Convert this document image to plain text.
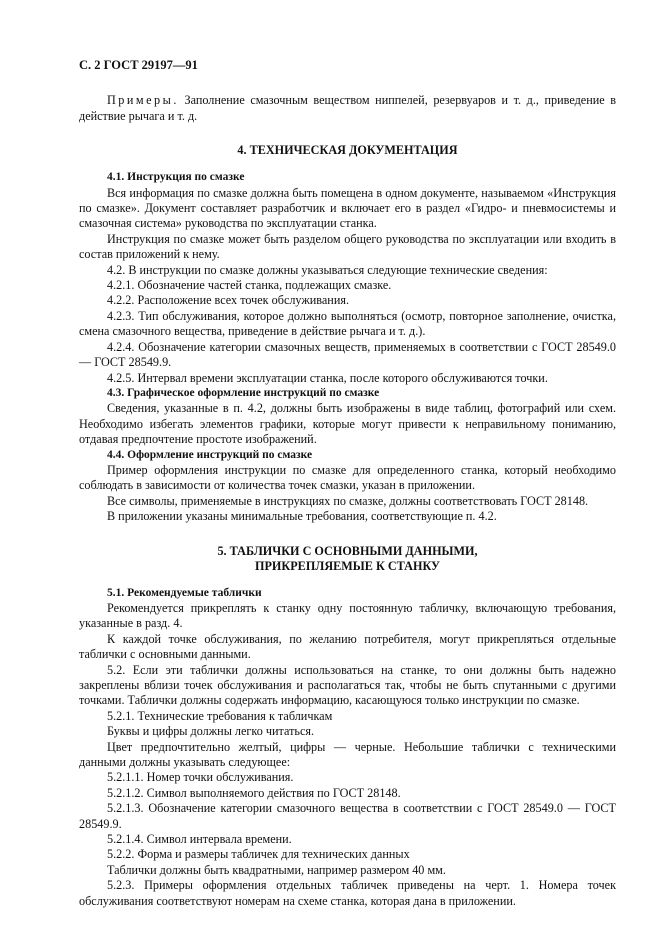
С. 2 ГОСТ 29197—91

Примеры. Заполнение смазочным веществом ниппелей, резервуаров и т. д., приведение в действие рычага и т. д.

4. ТЕХНИЧЕСКАЯ ДОКУМЕНТАЦИЯ

4.1. Инструкция по смазке

Вся информация по смазке должна быть помещена в одном документе, называемом «Инструкция по смазке». Документ составляет разработчик и включает его в раздел «Гидро- и пневмосистемы и смазочная система» руководства по эксплуатации станка.

Инструкция по смазке может быть разделом общего руководства по эксплуатации или входить в состав приложений к нему.

4.2. В инструкции по смазке должны указываться следующие технические сведения:

4.2.1. Обозначение частей станка, подлежащих смазке.

4.2.2. Расположение всех точек обслуживания.

4.2.3. Тип обслуживания, которое должно выполняться (осмотр, повторное заполнение, очистка, смена смазочного вещества, приведение в действие рычага и т. д.).

4.2.4. Обозначение категории смазочных веществ, применяемых в соответствии с ГОСТ 28549.0 — ГОСТ 28549.9.

4.2.5. Интервал времени эксплуатации станка, после которого обслуживаются точки.

4.3. Графическое оформление инструкций по смазке

Сведения, указанные в п. 4.2, должны быть изображены в виде таблиц, фотографий или схем. Необходимо избегать элементов графики, которые могут привести к неправильному пониманию, отдавая предпочтение простоте изображений.

4.4. Оформление инструкций по смазке

Пример оформления инструкции по смазке для определенного станка, который необходимо соблюдать в зависимости от количества точек смазки, указан в приложении.

Все символы, применяемые в инструкциях по смазке, должны соответствовать ГОСТ 28148.

В приложении указаны минимальные требования, соответствующие п. 4.2.

5. ТАБЛИЧКИ С ОСНОВНЫМИ ДАННЫМИ,
ПРИКРЕПЛЯЕМЫЕ К СТАНКУ

5.1. Рекомендуемые таблички

Рекомендуется прикреплять к станку одну постоянную табличку, включающую требования, указанные в разд. 4.

К каждой точке обслуживания, по желанию потребителя, могут прикрепляться отдельные таблички с основными данными.

5.2. Если эти таблички должны использоваться на станке, то они должны быть надежно закреплены вблизи точек обслуживания и располагаться так, чтобы не быть спутанными с другими точками. Таблички должны содержать информацию, касающуюся только инструкции по смазке.

5.2.1. Технические требования к табличкам

Буквы и цифры должны легко читаться.

Цвет предпочтительно желтый, цифры — черные. Небольшие таблички с техническими данными должны указывать следующее:

5.2.1.1. Номер точки обслуживания.

5.2.1.2. Символ выполняемого действия по ГОСТ 28148.

5.2.1.3. Обозначение категории смазочного вещества в соответствии с ГОСТ 28549.0 — ГОСТ 28549.9.

5.2.1.4. Символ интервала времени.

5.2.2. Форма и размеры табличек для технических данных

Таблички должны быть квадратными, например размером 40 мм.

5.2.3. Примеры оформления отдельных табличек приведены на черт. 1. Номера точек обслуживания соответствуют номерам на схеме станка, которая дана в приложении.
